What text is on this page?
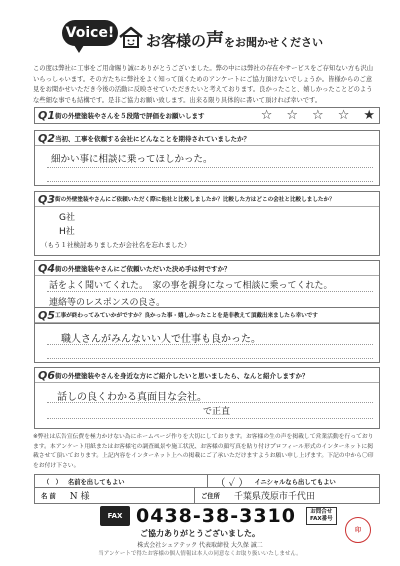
Voice! お客様の声をお聞かせください
この度は弊社に工事をご用命賜り誠にありがとうございました。弊の中には弊社の存在やサービスをご存知ない方も沢山いらっしゃいます。その方たちに弊社をよく知って頂くためのアンケートにご協力頂けないでしょうか。皆様からのご意見をお聞かせいただき今後の活動に反映させていただきたいと考えております。良かったこと、嬉しかったことどのような些細な事でも結構です。是非ご協力お願い致します。出来る限り具体的に書いて頂ければ幸いです。
Q1 街の外壁塗装やさんを５段階で評価をお願いします	☆ ☆ ☆ ☆ ★
Q2 当初、工事を依頼する会社にどんなことを期待されていましたか？
細かい事に相談に乗ってほしかった。
Q3 街の外壁塗装やさんにご依頼いただく際に他社と比較しましたか？比較した方はどこの会社と比較しましたか？
G社
H社
（もう１社検討ありましたが会社名を忘れました）
Q4 街の外壁塗装やさんにご依頼いただいた決め手は何ですか？
話をよく聞いてくれた。　家の事を親身になって相談に乗ってくれた。
連絡等のレスポンスの良さ。
Q5 工事が終わってみていかがですか？良かった事・嬉しかったことを是非教えて頂戴出来ましたら幸いです
職人さんがみんないい人で仕事も良かった。
Q6 街の外壁塗装やさんを身近な方にご紹介したいと思いましたら、なんと紹介しますか？
話しの良くわかる真面目な会社。
で正直
※弊社は広告宣伝費を極力かけない為にホームページ作りを大切にしております。お客様の生の声を掲載して営業活動を行っております。本アンケート用紙またはお客様宅の調査風景や施工状況、お客様の顔写真を貼り付けプロフィール形式のインターネットに掲載させて頂いております。上記内容をインターネット上への掲載にご了承いただけますようお願い申し上げます。下記の中から〇印をお付け下さい。
（　） 名前を出してもよい	（ ✓ ） イニシャルなら出してもよい
名 前 N 様	ご住所 千葉県茂原市千代田
FAX 0438-38-3310	お問合せ
FAX番号
ご協力ありがとうございました。
株式会社シェアテック 代表取締役 大久保 誠二
当アンケートで得たお客様の個人情報は本人の同意なくお取り扱いいたしません。
印
